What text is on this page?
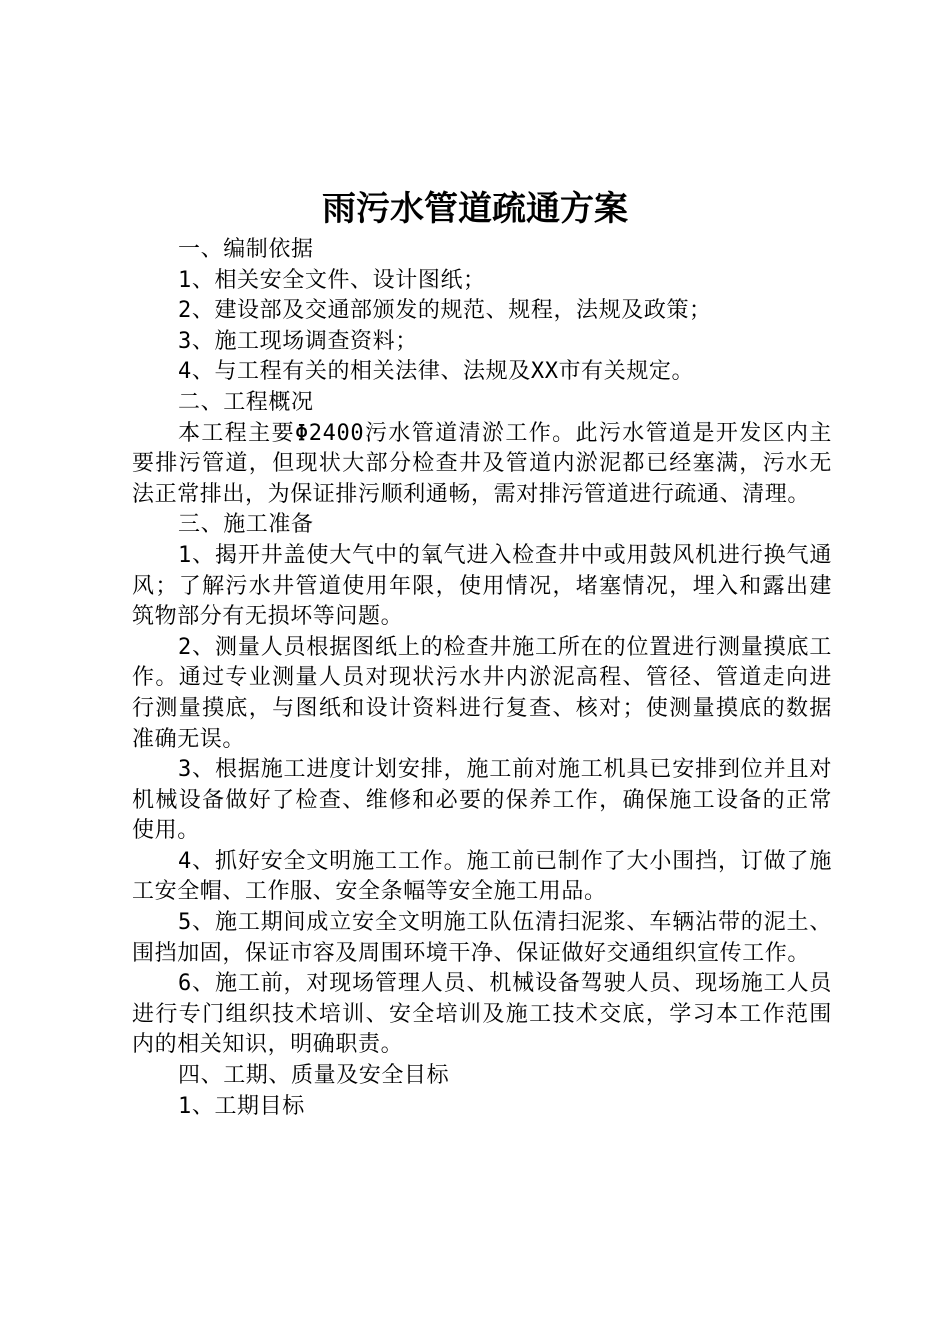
雨污水管道疏通方案

一、编制依据

1、相关安全文件、设计图纸；

2、建设部及交通部颁发的规范、规程，法规及政策；

3、施工现场调查资料；

4、与工程有关的相关法律、法规及XX市有关规定。

二、工程概况

本工程主要Φ2400污水管道清淤工作。此污水管道是开发区内主要排污管道，但现状大部分检查井及管道内淤泥都已经塞满，污水无法正常排出，为保证排污顺利通畅，需对排污管道进行疏通、清理。

三、施工准备

1、揭开井盖使大气中的氧气进入检查井中或用鼓风机进行换气通风；了解污水井管道使用年限，使用情况，堵塞情况，埋入和露出建筑物部分有无损坏等问题。

2、测量人员根据图纸上的检查井施工所在的位置进行测量摸底工作。通过专业测量人员对现状污水井内淤泥高程、管径、管道走向进行测量摸底，与图纸和设计资料进行复查、核对；使测量摸底的数据准确无误。

3、根据施工进度计划安排，施工前对施工机具已安排到位并且对机械设备做好了检查、维修和必要的保养工作，确保施工设备的正常使用。

4、抓好安全文明施工工作。施工前已制作了大小围挡，订做了施工安全帽、工作服、安全条幅等安全施工用品。

5、施工期间成立安全文明施工队伍清扫泥浆、车辆沾带的泥土、围挡加固，保证市容及周围环境干净、保证做好交通组织宣传工作。

6、施工前，对现场管理人员、机械设备驾驶人员、现场施工人员进行专门组织技术培训、安全培训及施工技术交底，学习本工作范围内的相关知识，明确职责。

四、工期、质量及安全目标

1、工期目标
